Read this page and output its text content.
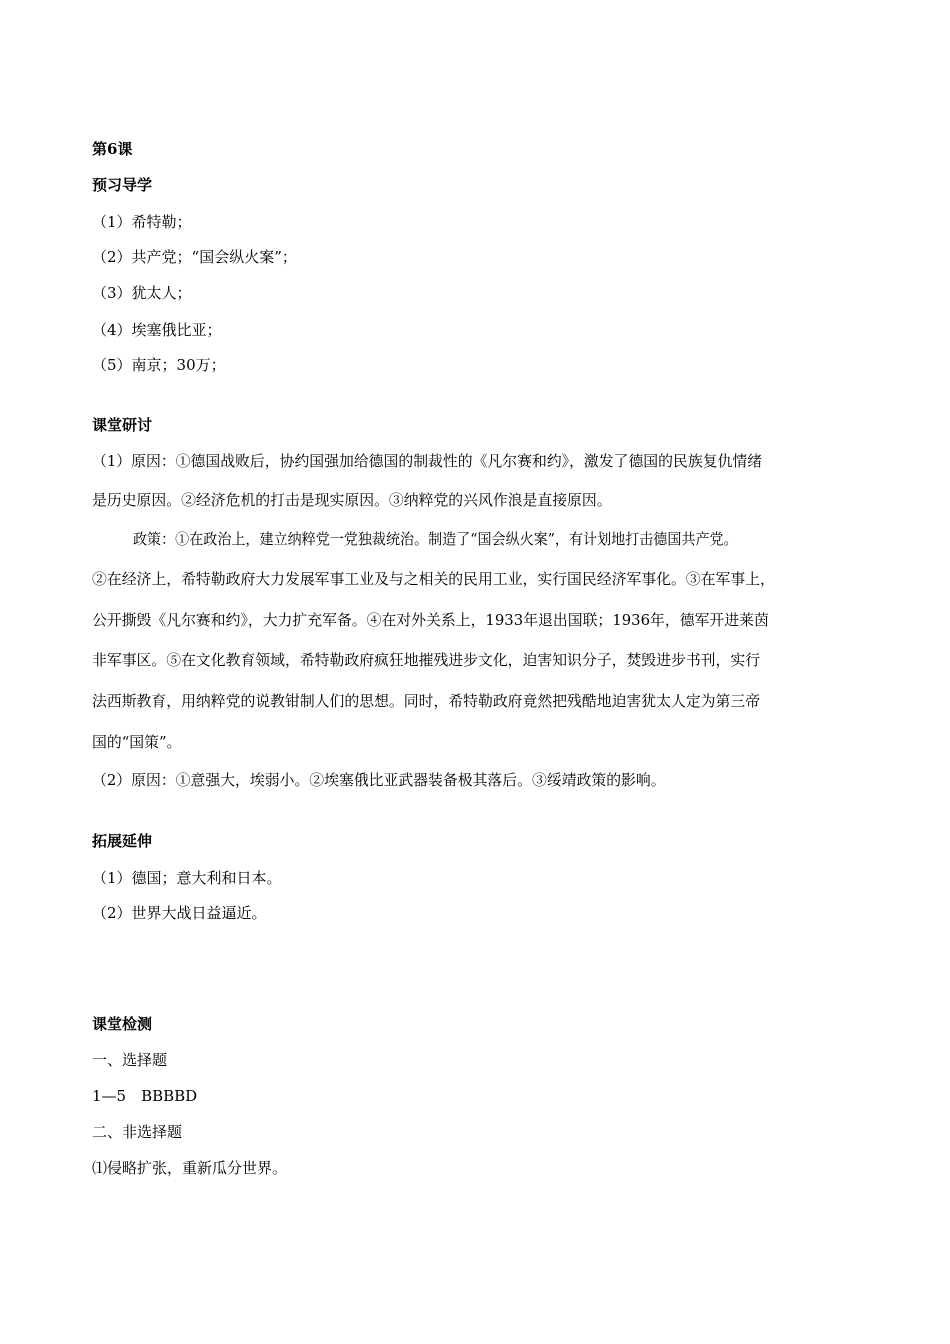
第6课
预习导学
（1）希特勒；
（2）共产党；“国会纵火案”；
（3）犹太人；
（4）埃塞俄比亚；
（5）南京；30万；
课堂研讨
（1）原因：①德国战败后，协约国强加给德国的制裁性的《凡尔赛和约》，激发了德国的民族复仇情绪
是历史原因。②经济危机的打击是现实原因。③纳粹党的兴风作浪是直接原因。
政策：①在政治上，建立纳粹党一党独裁统治。制造了“国会纵火案”，有计划地打击德国共产党。
②在经济上，希特勒政府大力发展军事工业及与之相关的民用工业，实行国民经济军事化。③在军事上，
公开撕毁《凡尔赛和约》，大力扩充军备。④在对外关系上，1933年退出国联；1936年，德军开进莱茵
非军事区。⑤在文化教育领域，希特勒政府疯狂地摧残进步文化，迫害知识分子，焚毁进步书刊，实行
法西斯教育，用纳粹党的说教钳制人们的思想。同时，希特勒政府竟然把残酷地迫害犹太人定为第三帝
国的“国策”。
（2）原因：①意强大，埃弱小。②埃塞俄比亚武器装备极其落后。③绥靖政策的影响。
拓展延伸
（1）德国；意大利和日本。
（2）世界大战日益逼近。
课堂检测
一、选择题
1—5　BBBBD
二、非选择题
⑴侵略扩张，重新瓜分世界。
